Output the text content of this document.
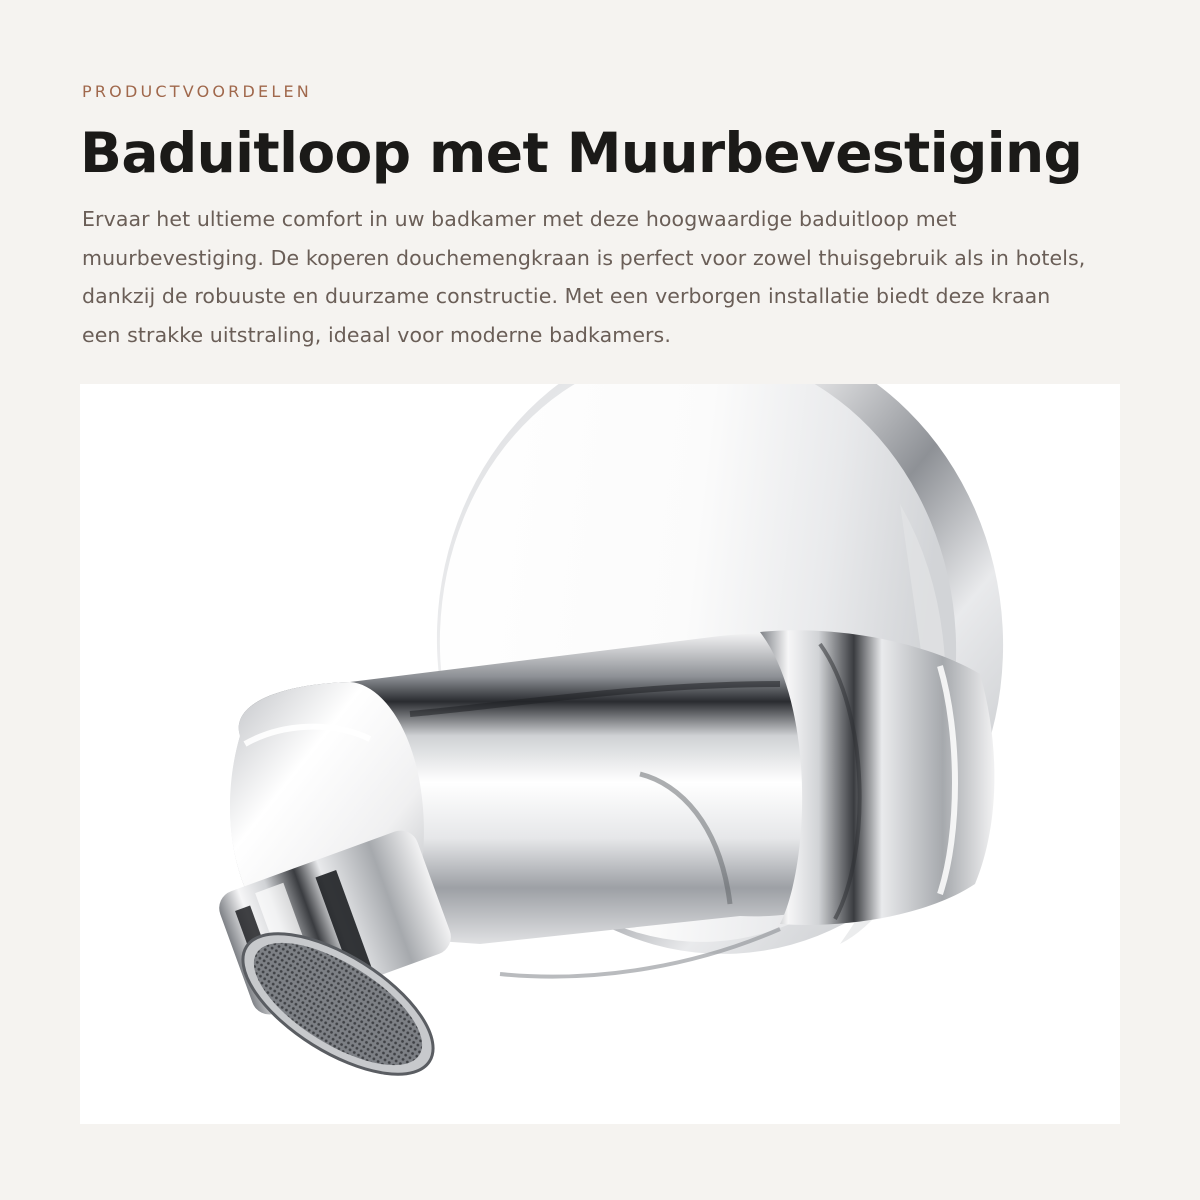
PRODUCTVOORDELEN
Baduitloop met Muurbevestiging

Ervaar het ultieme comfort in uw badkamer met deze hoogwaardige baduitloop met muurbevestiging. De koperen douchemengkraan is perfect voor zowel thuisgebruik als in hotels, dankzij de robuuste en duurzame constructie. Met een verborgen installatie biedt deze kraan een strakke uitstraling, ideaal voor moderne badkamers.
